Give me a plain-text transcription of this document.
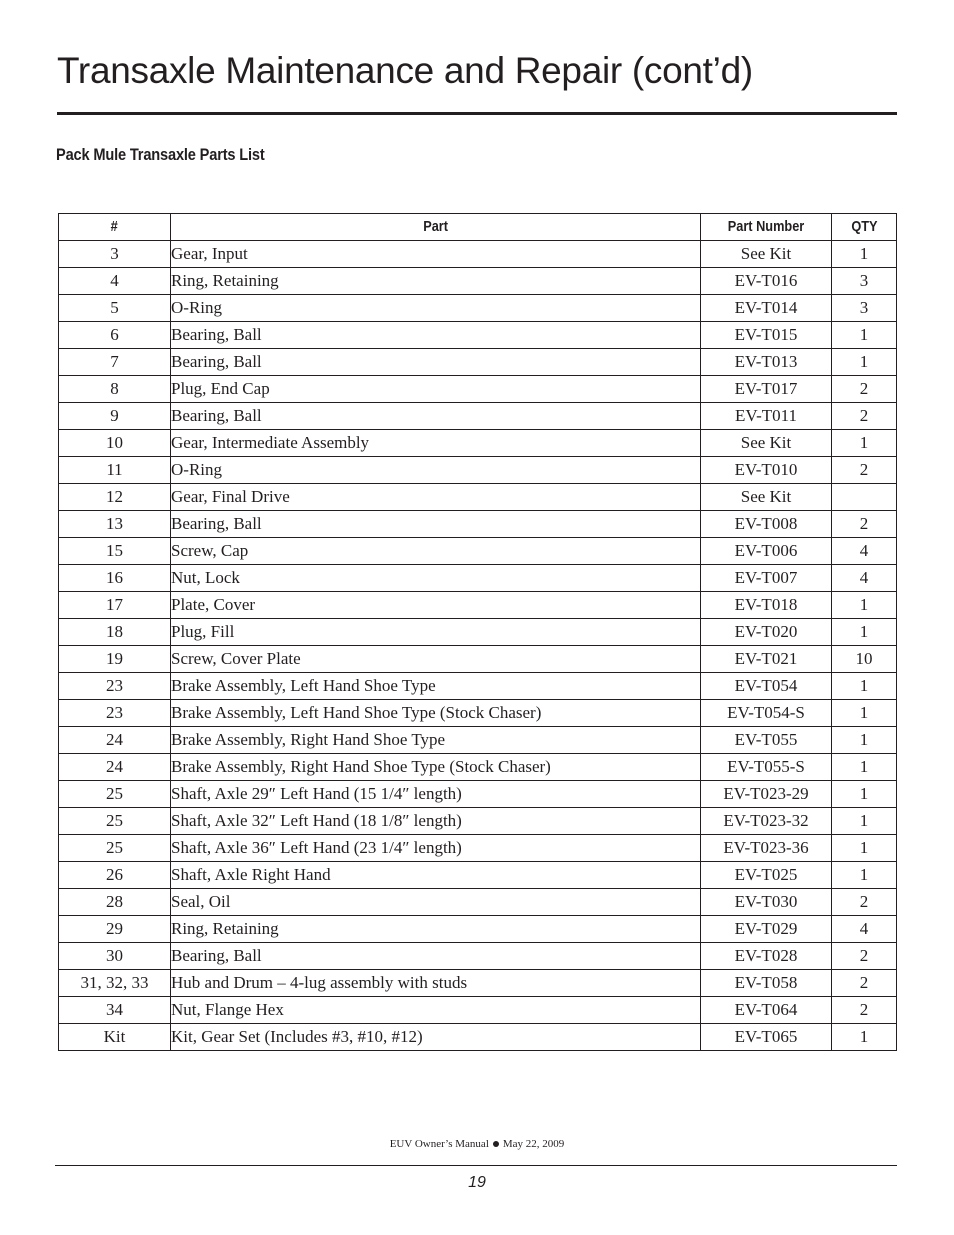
Transaxle Maintenance and Repair (cont’d)
Pack Mule Transaxle Parts List
#	Part	Part Number	QTY
3	Gear, Input	See Kit	1
4	Ring, Retaining	EV-T016	3
5	O-Ring	EV-T014	3
6	Bearing, Ball	EV-T015	1
7	Bearing, Ball	EV-T013	1
8	Plug, End Cap	EV-T017	2
9	Bearing, Ball	EV-T011	2
10	Gear, Intermediate Assembly	See Kit	1
11	O-Ring	EV-T010	2
12	Gear, Final Drive	See Kit	
13	Bearing, Ball	EV-T008	2
15	Screw, Cap	EV-T006	4
16	Nut, Lock	EV-T007	4
17	Plate, Cover	EV-T018	1
18	Plug, Fill	EV-T020	1
19	Screw, Cover Plate	EV-T021	10
23	Brake Assembly, Left Hand Shoe Type	EV-T054	1
23	Brake Assembly, Left Hand Shoe Type (Stock Chaser)	EV-T054-S	1
24	Brake Assembly, Right Hand Shoe Type	EV-T055	1
24	Brake Assembly, Right Hand Shoe Type (Stock Chaser)	EV-T055-S	1
25	Shaft, Axle 29″ Left Hand (15 1/4″ length)	EV-T023-29	1
25	Shaft, Axle 32″ Left Hand (18 1/8″ length)	EV-T023-32	1
25	Shaft, Axle 36″ Left Hand (23 1/4″ length)	EV-T023-36	1
26	Shaft, Axle Right Hand	EV-T025	1
28	Seal, Oil	EV-T030	2
29	Ring, Retaining	EV-T029	4
30	Bearing, Ball	EV-T028	2
31, 32, 33	Hub and Drum – 4-lug assembly with studs	EV-T058	2
34	Nut, Flange Hex	EV-T064	2
Kit	Kit, Gear Set (Includes #3, #10, #12)	EV-T065	1
EUV Owner’s Manual May 22, 2009
19
